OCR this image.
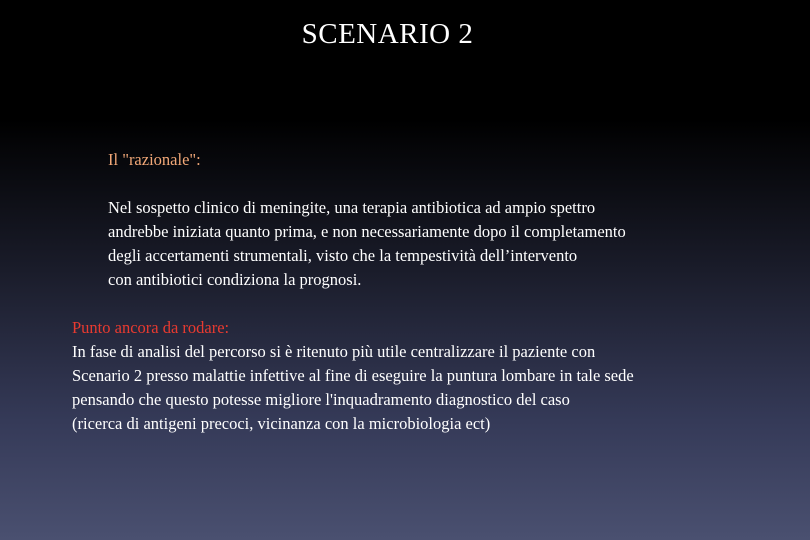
SCENARIO 2

Il "razionale":

Nel sospetto clinico di meningite, una terapia antibiotica ad ampio spettro
andrebbe iniziata quanto prima, e non necessariamente dopo il completamento
degli accertamenti strumentali, visto che la tempestività dell’intervento
con antibiotici condiziona la prognosi.

Punto ancora da rodare:

In fase di analisi del percorso si è ritenuto più utile centralizzare il paziente con
Scenario 2 presso malattie infettive al fine di eseguire la puntura lombare in tale sede
pensando che questo potesse migliore l'inquadramento diagnostico del caso
(ricerca di antigeni precoci, vicinanza con la microbiologia ect)
